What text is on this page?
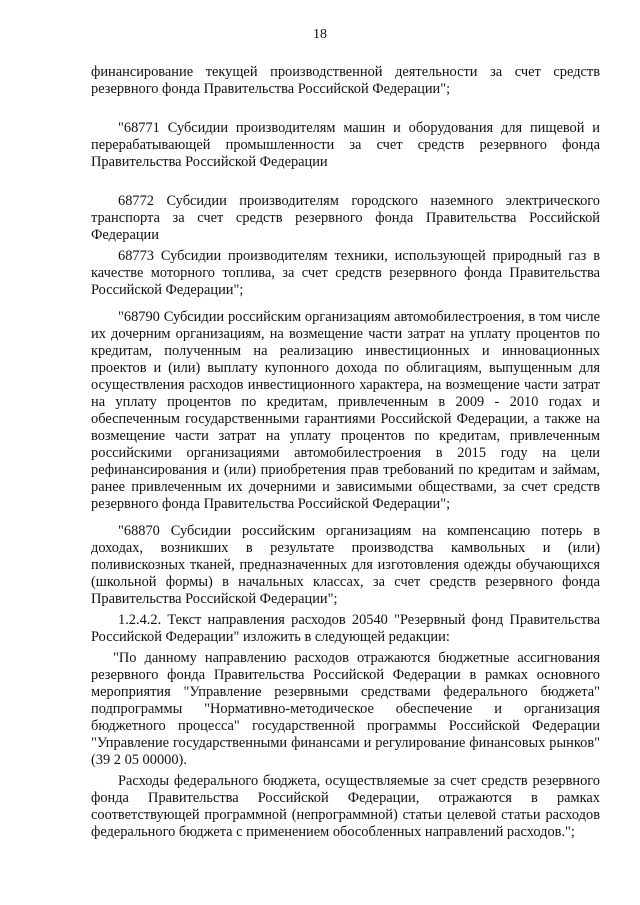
18

финансирование текущей производственной деятельности за счет средств резервного фонда Правительства Российской Федерации";

"68771 Субсидии производителям машин и оборудования для пищевой и перерабатывающей промышленности за счет средств резервного фонда Правительства Российской Федерации

68772 Субсидии производителям городского наземного электрического транспорта за счет средств резервного фонда Правительства Российской Федерации

68773 Субсидии производителям техники, использующей природный газ в качестве моторного топлива, за счет средств резервного фонда Правительства Российской Федерации";

"68790 Субсидии российским организациям автомобилестроения, в том числе их дочерним организациям, на возмещение части затрат на уплату процентов по кредитам, полученным на реализацию инвестиционных и инновационных проектов и (или) выплату купонного дохода по облигациям, выпущенным для осуществления расходов инвестиционного характера, на возмещение части затрат на уплату процентов по кредитам, привлеченным в 2009 - 2010 годах и обеспеченным государственными гарантиями Российской Федерации, а также на возмещение части затрат на уплату процентов по кредитам, привлеченным российскими организациями автомобилестроения в 2015 году на цели рефинансирования и (или) приобретения прав требований по кредитам и займам, ранее привлеченным их дочерними и зависимыми обществами, за счет средств резервного фонда Правительства Российской Федерации";

"68870 Субсидии российским организациям на компенсацию потерь в доходах, возникших в результате производства камвольных и (или) поливискозных тканей, предназначенных для изготовления одежды обучающихся (школьной формы) в начальных классах, за счет средств резервного фонда Правительства Российской Федерации";

1.2.4.2. Текст направления расходов 20540 "Резервный фонд Правительства Российской Федерации" изложить в следующей редакции:

"По данному направлению расходов отражаются бюджетные ассигнования резервного фонда Правительства Российской Федерации в рамках основного мероприятия "Управление резервными средствами федерального бюджета" подпрограммы "Нормативно-методическое обеспечение и организация бюджетного процесса" государственной программы Российской Федерации "Управление государственными финансами и регулирование финансовых рынков" (39 2 05 00000).

Расходы федерального бюджета, осуществляемые за счет средств резервного фонда Правительства Российской Федерации, отражаются в рамках соответствующей программной (непрограммной) статьи целевой статьи расходов федерального бюджета с применением обособленных направлений расходов.";
